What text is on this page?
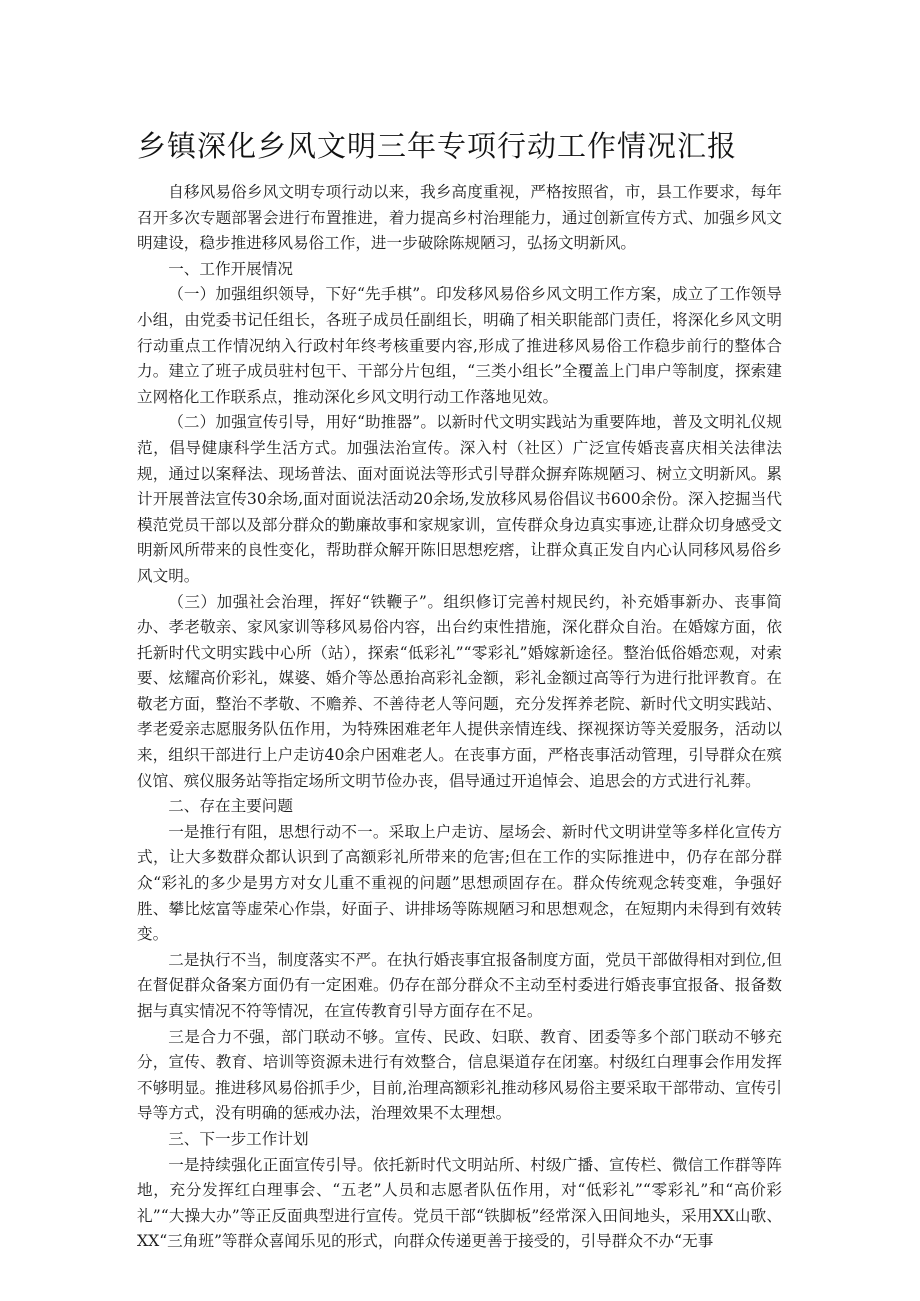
乡镇深化乡风文明三年专项行动工作情况汇报

自移风易俗乡风文明专项行动以来，我乡高度重视，严格按照省，市，县工作要求，每年召开多次专题部署会进行布置推进，着力提高乡村治理能力，通过创新宣传方式、加强乡风文明建设，稳步推进移风易俗工作，进一步破除陈规陋习，弘扬文明新风。

一、工作开展情况

（一）加强组织领导，下好“先手棋”。印发移风易俗乡风文明工作方案，成立了工作领导小组，由党委书记任组长，各班子成员任副组长，明确了相关职能部门责任，将深化乡风文明行动重点工作情况纳入行政村年终考核重要内容,形成了推进移风易俗工作稳步前行的整体合力。建立了班子成员驻村包干、干部分片包组，“三类小组长”全覆盖上门串户等制度，探索建立网格化工作联系点，推动深化乡风文明行动工作落地见效。

（二）加强宣传引导，用好“助推器”。以新时代文明实践站为重要阵地，普及文明礼仪规范，倡导健康科学生活方式。加强法治宣传。深入村（社区）广泛宣传婚丧喜庆相关法律法规，通过以案释法、现场普法、面对面说法等形式引导群众摒弃陈规陋习、树立文明新风。累计开展普法宣传30余场,面对面说法活动20余场,发放移风易俗倡议书600余份。深入挖掘当代模范党员干部以及部分群众的勤廉故事和家规家训，宣传群众身边真实事迹,让群众切身感受文明新风所带来的良性变化，帮助群众解开陈旧思想疙瘩，让群众真正发自内心认同移风易俗乡风文明。

（三）加强社会治理，挥好“铁鞭子”。组织修订完善村规民约，补充婚事新办、丧事简办、孝老敬亲、家风家训等移风易俗内容，出台约束性措施，深化群众自治。在婚嫁方面，依托新时代文明实践中心所（站），探索“低彩礼”“零彩礼”婚嫁新途径。整治低俗婚恋观，对索要、炫耀高价彩礼，媒婆、婚介等怂恿抬高彩礼金额，彩礼金额过高等行为进行批评教育。在敬老方面，整治不孝敬、不赡养、不善待老人等问题，充分发挥养老院、新时代文明实践站、孝老爱亲志愿服务队伍作用，为特殊困难老年人提供亲情连线、探视探访等关爱服务，活动以来，组织干部进行上户走访40余户困难老人。在丧事方面，严格丧事活动管理，引导群众在殡仪馆、殡仪服务站等指定场所文明节俭办丧，倡导通过开追悼会、追思会的方式进行礼葬。

二、存在主要问题

一是推行有阻，思想行动不一。采取上户走访、屋场会、新时代文明讲堂等多样化宣传方式，让大多数群众都认识到了高额彩礼所带来的危害;但在工作的实际推进中，仍存在部分群众“彩礼的多少是男方对女儿重不重视的问题”思想顽固存在。群众传统观念转变难，争强好胜、攀比炫富等虚荣心作祟，好面子、讲排场等陈规陋习和思想观念，在短期内未得到有效转变。

二是执行不当，制度落实不严。在执行婚丧事宜报备制度方面，党员干部做得相对到位,但在督促群众备案方面仍有一定困难。仍存在部分群众不主动至村委进行婚丧事宜报备、报备数据与真实情况不符等情况，在宣传教育引导方面存在不足。

三是合力不强，部门联动不够。宣传、民政、妇联、教育、团委等多个部门联动不够充分，宣传、教育、培训等资源未进行有效整合，信息渠道存在闭塞。村级红白理事会作用发挥不够明显。推进移风易俗抓手少，目前,治理高额彩礼推动移风易俗主要采取干部带动、宣传引导等方式，没有明确的惩戒办法，治理效果不太理想。

三、下一步工作计划

一是持续强化正面宣传引导。依托新时代文明站所、村级广播、宣传栏、微信工作群等阵地，充分发挥红白理事会、“五老”人员和志愿者队伍作用，对“低彩礼”“零彩礼”和“高价彩礼”“大操大办”等正反面典型进行宣传。党员干部“铁脚板”经常深入田间地头，采用XX山歌、XX“三角班”等群众喜闻乐见的形式，向群众传递更善于接受的，引导群众不办“无事
